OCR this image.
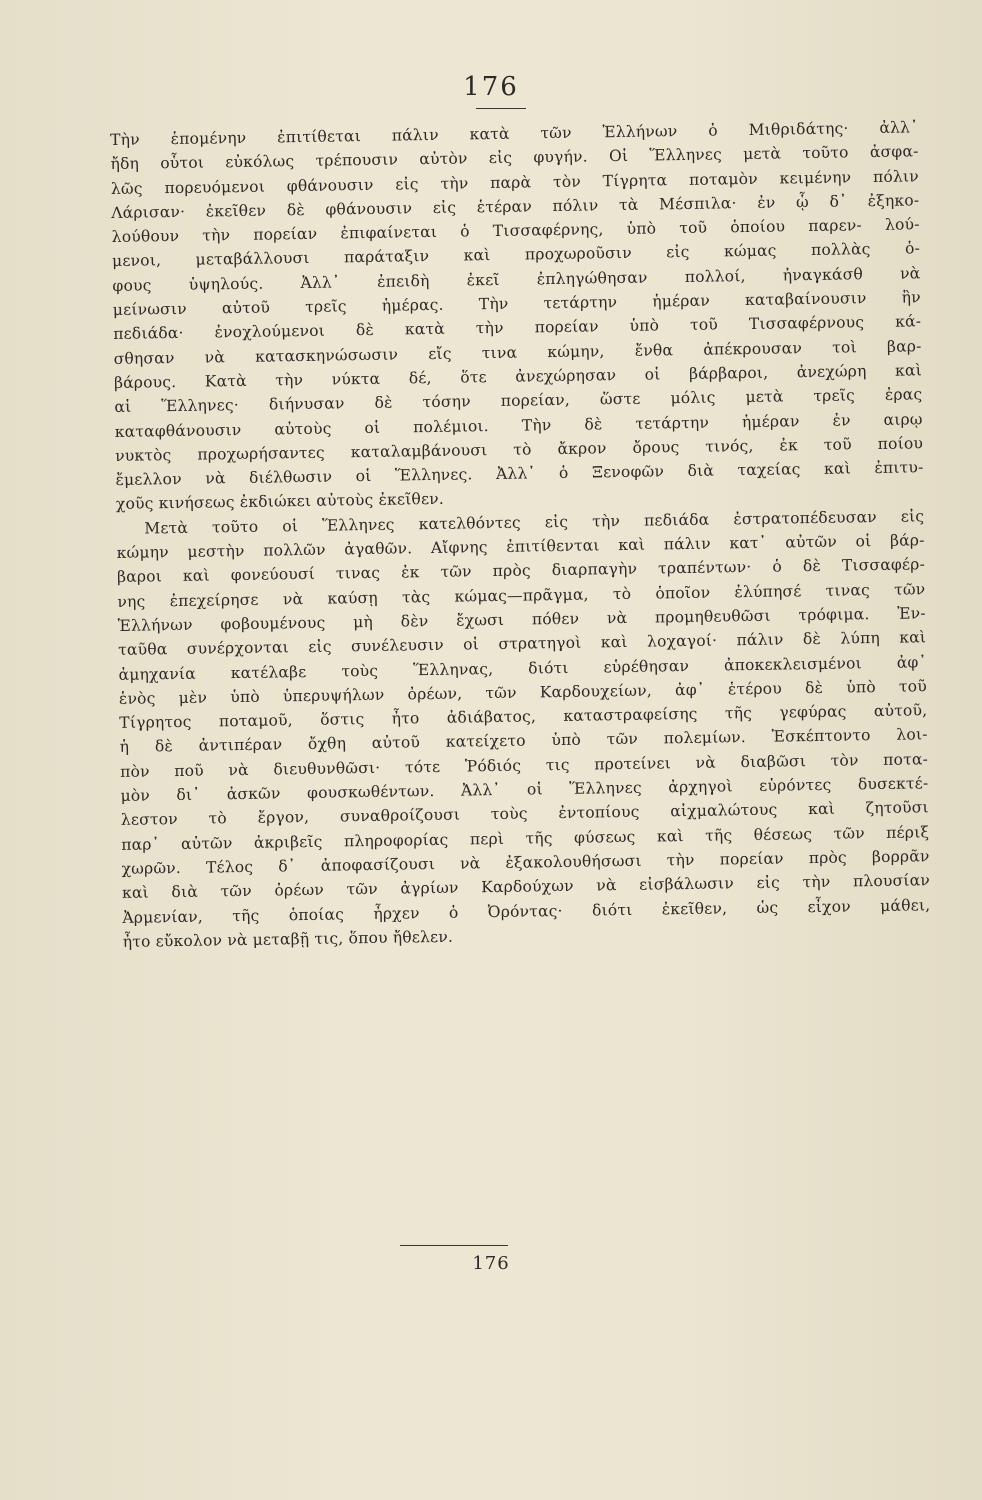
176
Τὴν ἑπομένην ἐπιτίθεται πάλιν κατὰ τῶν Ἑλλήνων ὁ Μιθριδάτης· ἀλλ᾽
ἤδη οὗτοι εὐκόλως τρέπουσιν αὐτὸν εἰς φυγήν. Οἱ Ἕλληνες μετὰ τοῦτο ἀσφα-
λῶς πορευόμενοι φθάνουσιν εἰς τὴν παρὰ τὸν Τίγρητα ποταμὸν κειμένην πόλιν
Λάρισαν· ἐκεῖθεν δὲ φθάνουσιν εἰς ἑτέραν πόλιν τὰ Μέσπιλα· ἐν ᾧ δ᾽ ἐξηκο-
λούθουν τὴν πορείαν ἐπιφαίνεται ὁ Τισσαφέρνης, ὑπὸ τοῦ ὁποίου παρεν- λού-
μενοι, μεταβάλλουσι παράταξιν καὶ προχωροῦσιν εἰς κώμας πολλὰς ὁ-
φους ὑψηλούς. Ἀλλ᾽ ἐπειδὴ ἐκεῖ ἐπληγώθησαν πολλοί, ἠναγκάσθ νὰ
μείνωσιν αὐτοῦ τρεῖς ἡμέρας. Τὴν τετάρτην ἡμέραν καταβαίνουσιν ἣν
πεδιάδα· ἐνοχλούμενοι δὲ κατὰ τὴν πορείαν ὑπὸ τοῦ Τισσαφέρνους κά-
σθησαν νὰ κατασκηνώσωσιν εἴς τινα κώμην, ἔνθα ἀπέκρουσαν τοὶ βαρ-
βάρους. Κατὰ τὴν νύκτα δέ, ὅτε ἀνεχώρησαν οἱ βάρβαροι, ἀνεχώρη καὶ
αἱ Ἕλληνες· διήνυσαν δὲ τόσην πορείαν, ὥστε μόλις μετὰ τρεῖς ἐρας
καταφθάνουσιν αὐτοὺς οἱ πολέμιοι. Τὴν δὲ τετάρτην ἡμέραν ἐν αιρῳ
νυκτὸς προχωρήσαντες καταλαμβάνουσι τὸ ἄκρον ὄρους τινός, ἐκ τοῦ ποίου
ἔμελλον νὰ διέλθωσιν οἱ Ἕλληνες. Ἀλλ᾽ ὁ Ξενοφῶν διὰ ταχείας καὶ ἐπιτυ-
χοῦς κινήσεως ἐκδιώκει αὐτοὺς ἐκεῖθεν.
Μετὰ τοῦτο οἱ Ἕλληνες κατελθόντες εἰς τὴν πεδιάδα ἐστρατοπέδευσαν εἰς
κώμην μεστὴν πολλῶν ἀγαθῶν. Αἴφνης ἐπιτίθενται καὶ πάλιν κατ᾽ αὐτῶν οἱ βάρ-
βαροι καὶ φονεύουσί τινας ἐκ τῶν πρὸς διαρπαγὴν τραπέντων· ὁ δὲ Τισσαφέρ-
νης ἐπεχείρησε νὰ καύσῃ τὰς κώμας—πρᾶγμα, τὸ ὁποῖον ἐλύπησέ τινας τῶν
Ἑλλήνων φοβουμένους μὴ δὲν ἔχωσι πόθεν νὰ προμηθευθῶσι τρόφιμα. Ἐν-
ταῦθα συνέρχονται εἰς συνέλευσιν οἱ στρατηγοὶ καὶ λοχαγοί· πάλιν δὲ λύπη καὶ
ἀμηχανία κατέλαβε τοὺς Ἕλληνας, διότι εὑρέθησαν ἀποκεκλεισμένοι ἀφ᾽
ἑνὸς μὲν ὑπὸ ὑπερυψήλων ὀρέων, τῶν Καρδουχείων, ἀφ᾽ ἑτέρου δὲ ὑπὸ τοῦ
Τίγρητος ποταμοῦ, ὅστις ἦτο ἀδιάβατος, καταστραφείσης τῆς γεφύρας αὐτοῦ,
ἡ δὲ ἀντιπέραν ὄχθη αὐτοῦ κατείχετο ὑπὸ τῶν πολεμίων. Ἐσκέπτοντο λοι-
πὸν ποῦ νὰ διευθυνθῶσι· τότε Ῥόδιός τις προτείνει νὰ διαβῶσι τὸν ποτα-
μὸν δι᾽ ἀσκῶν φουσκωθέντων. Ἀλλ᾽ οἱ Ἕλληνες ἀρχηγοὶ εὑρόντες δυσεκτέ-
λεστον τὸ ἔργον, συναθροίζουσι τοὺς ἐντοπίους αἰχμαλώτους καὶ ζητοῦσι
παρ᾽ αὐτῶν ἀκριβεῖς πληροφορίας περὶ τῆς φύσεως καὶ τῆς θέσεως τῶν πέριξ
χωρῶν. Τέλος δ᾽ ἀποφασίζουσι νὰ ἐξακολουθήσωσι τὴν πορείαν πρὸς βορρᾶν
καὶ διὰ τῶν ὀρέων τῶν ἀγρίων Καρδούχων νὰ εἰσβάλωσιν εἰς τὴν πλουσίαν
Ἀρμενίαν, τῆς ὁποίας ἦρχεν ὁ Ὀρόντας· διότι ἐκεῖθεν, ὡς εἶχον μάθει,
ἦτο εὔκολον νὰ μεταβῇ τις, ὅπου ἤθελεν.
176
